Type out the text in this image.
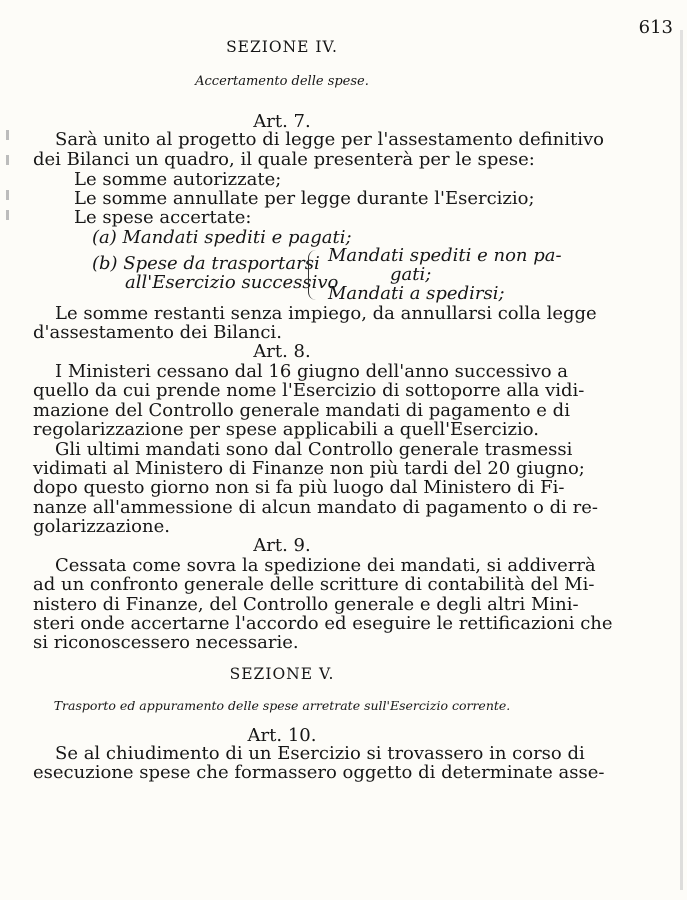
613
SEZIONE IV.
Accertamento delle spese.
Art. 7.
Sarà unito al progetto di legge per l'assestamento definitivo
dei Bilanci un quadro, il quale presenterà per le spese:
Le somme autorizzate;
Le somme annullate per legge durante l'Esercizio;
Le spese accertate:
(a) Mandati spediti e pagati;
(b) Spese da trasportarsi
all'Esercizio successivo
Mandati spediti e non pa-
gati;
Mandati a spedirsi;
Le somme restanti senza impiego, da annullarsi colla legge
d'assestamento dei Bilanci.
Art. 8.
I Ministeri cessano dal 16 giugno dell'anno successivo a
quello da cui prende nome l'Esercizio di sottoporre alla vidi-
mazione del Controllo generale mandati di pagamento e di
regolarizzazione per spese applicabili a quell'Esercizio.
Gli ultimi mandati sono dal Controllo generale trasmessi
vidimati al Ministero di Finanze non più tardi del 20 giugno;
dopo questo giorno non si fa più luogo dal Ministero di Fi-
nanze all'ammessione di alcun mandato di pagamento o di re-
golarizzazione.
Art. 9.
Cessata come sovra la spedizione dei mandati, si addiverrà
ad un confronto generale delle scritture di contabilità del Mi-
nistero di Finanze, del Controllo generale e degli altri Mini-
steri onde accertarne l'accordo ed eseguire le rettificazioni che
si riconoscessero necessarie.
SEZIONE V.
Trasporto ed appuramento delle spese arretrate sull'Esercizio corrente.
Art. 10.
Se al chiudimento di un Esercizio si trovassero in corso di
esecuzione spese che formassero oggetto di determinate asse-
